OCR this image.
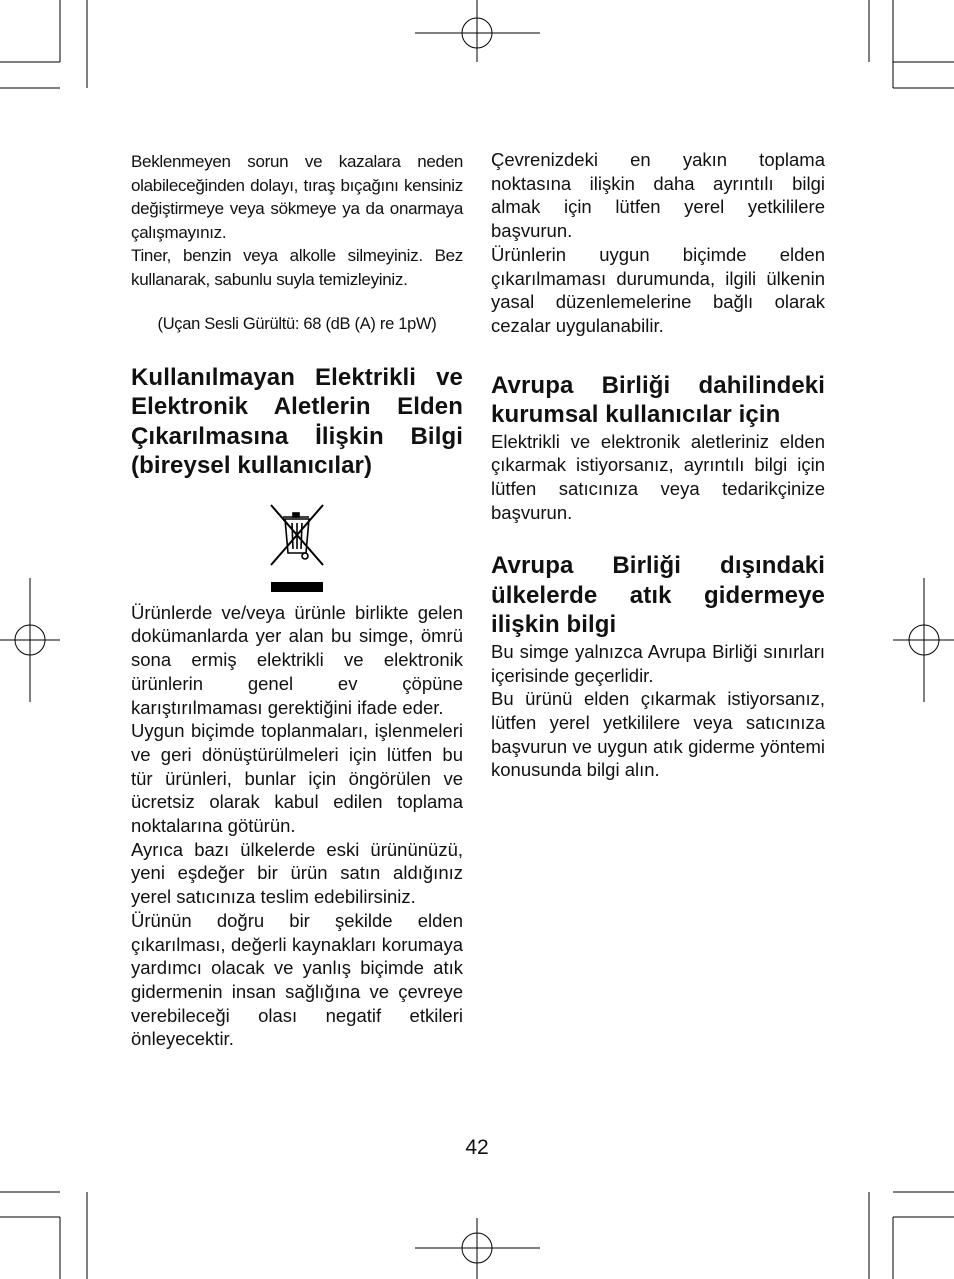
Beklenmeyen sorun ve kazalara neden olabileceğinden dolayı, tıraş bıçağını kensiniz değiştirmeye veya sökmeye ya da onarmaya çalışmayınız.

Tiner, benzin veya alkolle silmeyiniz. Bez kullanarak, sabunlu suyla temizleyiniz.

(Uçan Sesli Gürültü: 68 (dB (A) re 1pW)

Kullanılmayan Elektrikli ve Elektronik Aletlerin Elden Çıkarılmasına İlişkin Bilgi (bireysel kullanıcılar)

Ürünlerde ve/veya ürünle birlikte gelen dokümanlarda yer alan bu simge, ömrü sona ermiş elektrikli ve elektronik ürünlerin genel ev çöpüne karıştırılmaması gerektiğini ifade eder.

Uygun biçimde toplanmaları, işlenmeleri ve geri dönüştürülmeleri için lütfen bu tür ürünleri, bunlar için öngörülen ve ücretsiz olarak kabul edilen toplama noktalarına götürün.

Ayrıca bazı ülkelerde eski ürününüzü, yeni eşdeğer bir ürün satın aldığınız yerel satıcınıza teslim edebilirsiniz.

Ürünün doğru bir şekilde elden çıkarılması, değerli kaynakları korumaya yardımcı olacak ve yanlış biçimde atık gidermenin insan sağlığına ve çevreye verebileceği olası negatif etkileri önleyecektir.

Çevrenizdeki en yakın toplama noktasına ilişkin daha ayrıntılı bilgi almak için lütfen yerel yetkililere başvurun.

Ürünlerin uygun biçimde elden çıkarılmaması durumunda, ilgili ülkenin yasal düzenlemelerine bağlı olarak cezalar uygulanabilir.

Avrupa Birliği dahilindeki kurumsal kullanıcılar için

Elektrikli ve elektronik aletleriniz elden çıkarmak istiyorsanız, ayrıntılı bilgi için lütfen satıcınıza veya tedarikçinize başvurun.

Avrupa Birliği dışındaki ülkelerde atık gidermeye ilişkin bilgi

Bu simge yalnızca Avrupa Birliği sınırları içerisinde geçerlidir.

Bu ürünü elden çıkarmak istiyorsanız, lütfen yerel yetkililere veya satıcınıza başvurun ve uygun atık giderme yöntemi konusunda bilgi alın.

42
